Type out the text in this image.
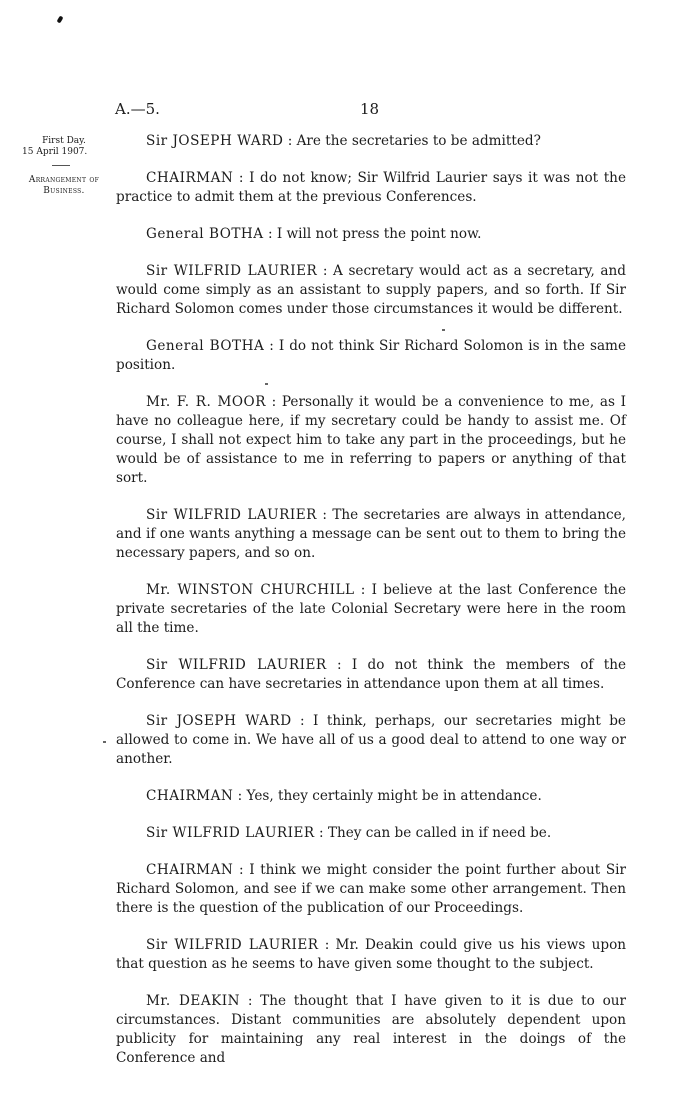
A.—5.	18
First Day.
15 April 1907.
Arrangement of Business.

Sir JOSEPH WARD : Are the secretaries to be admitted?

CHAIRMAN : I do not know; Sir Wilfrid Laurier says it was not the practice to admit them at the previous Conferences.

General BOTHA : I will not press the point now.

Sir WILFRID LAURIER : A secretary would act as a secretary, and would come simply as an assistant to supply papers, and so forth. If Sir Richard Solomon comes under those circumstances it would be different.

General BOTHA : I do not think Sir Richard Solomon is in the same position.

Mr. F. R. MOOR : Personally it would be a convenience to me, as I have no colleague here, if my secretary could be handy to assist me. Of course, I shall not expect him to take any part in the proceedings, but he would be of assistance to me in referring to papers or anything of that sort.

Sir WILFRID LAURIER : The secretaries are always in attendance, and if one wants anything a message can be sent out to them to bring the necessary papers, and so on.

Mr. WINSTON CHURCHILL : I believe at the last Conference the private secretaries of the late Colonial Secretary were here in the room all the time.

Sir WILFRID LAURIER : I do not think the members of the Conference can have secretaries in attendance upon them at all times.

Sir JOSEPH WARD : I think, perhaps, our secretaries might be allowed to come in. We have all of us a good deal to attend to one way or another.

CHAIRMAN : Yes, they certainly might be in attendance.

Sir WILFRID LAURIER : They can be called in if need be.

CHAIRMAN : I think we might consider the point further about Sir Richard Solomon, and see if we can make some other arrangement. Then there is the question of the publication of our Proceedings.

Sir WILFRID LAURIER : Mr. Deakin could give us his views upon that question as he seems to have given some thought to the subject.

Mr. DEAKIN : The thought that I have given to it is due to our circumstances. Distant communities are absolutely dependent upon publicity for maintaining any real interest in the doings of the Conference and
